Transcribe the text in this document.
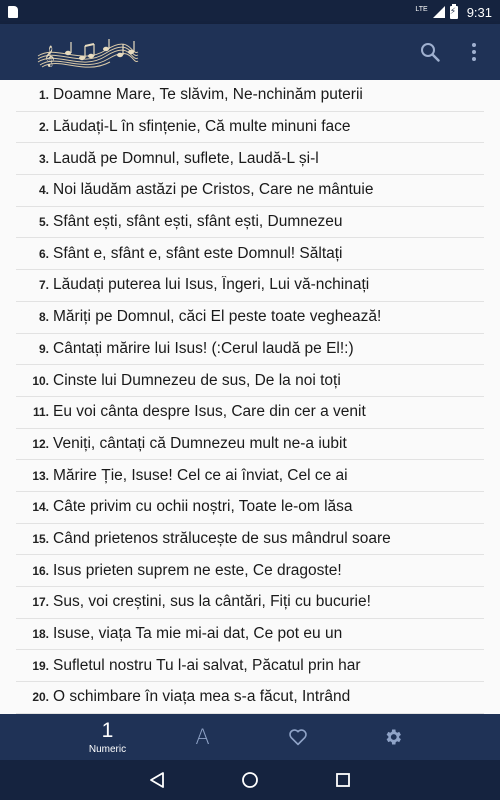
LTE
⚡	9:31
𝄞
1. Doamne Mare, Te slăvim, Ne-nchinăm puterii
2. Lăudați-L în sfințenie, Că multe minuni face
3. Laudă pe Domnul, suflete, Laudă-L și-l
4. Noi lăudăm astăzi pe Cristos, Care ne mântuie
5. Sfânt ești, sfânt ești, sfânt ești, Dumnezeu
6. Sfânt e, sfânt e, sfânt este Domnul! Săltați
7. Lăudați puterea lui Isus, Îngeri, Lui vă-nchinați
8. Măriți pe Domnul, căci El peste toate veghează!
9. Cântați mărire lui Isus! (:Cerul laudă pe El!:)
10. Cinste lui Dumnezeu de sus, De la noi toți
11. Eu voi cânta despre Isus, Care din cer a venit
12. Veniți, cântați că Dumnezeu mult ne-a iubit
13. Mărire Ție, Isuse! Cel ce ai înviat, Cel ce ai
14. Câte privim cu ochii noștri, Toate le-om lăsa
15. Când prietenos strălucește de sus mândrul soare
16. Isus prieten suprem ne este, Ce dragoste!
17. Sus, voi creștini, sus la cântări, Fiți cu bucurie!
18. Isuse, viața Ta mie mi-ai dat, Ce pot eu un
19. Sufletul nostru Tu l-ai salvat, Păcatul prin har
20. O schimbare în viața mea s-a făcut, Intrând
1
Numeric
A
